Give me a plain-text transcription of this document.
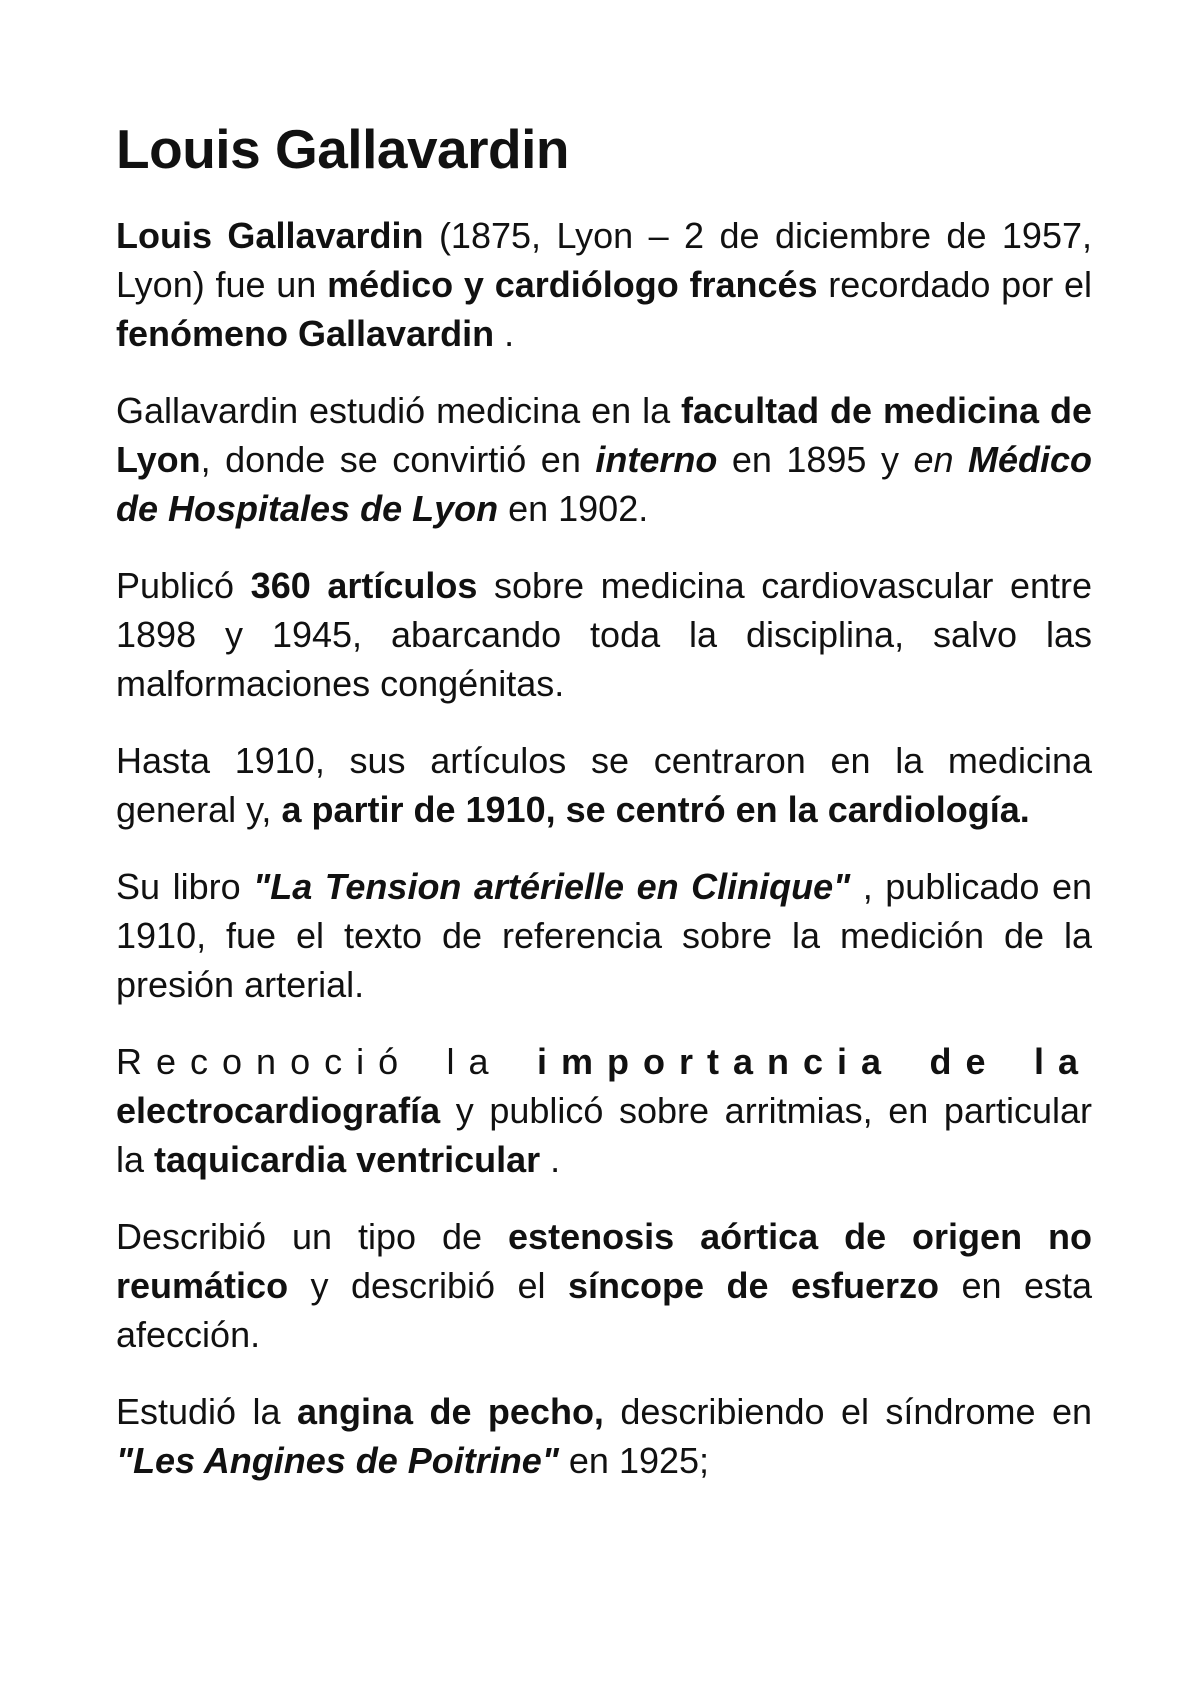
Louis Gallavardin

Louis Gallavardin (1875, Lyon – 2 de diciembre de 1957, Lyon) fue un médico y cardiólogo francés recordado por el fenómeno Gallavardin .

Gallavardin estudió medicina en la facultad de medicina de Lyon, donde se convirtió en interno en 1895 y en Médico de Hospitales de Lyon en 1902.

Publicó 360 artículos sobre medicina cardiovascular entre 1898 y 1945, abarcando toda la disciplina, salvo las malformaciones congénitas.

Hasta 1910, sus artículos se centraron en la medicina general y, a partir de 1910, se centró en la cardiología.

Su libro "La Tension artérielle en Clinique" , publicado en 1910, fue el texto de referencia sobre la medición de la presión arterial.

Reconoció la importancia de la electrocardiografía y publicó sobre arritmias, en particular la taquicardia ventricular .

Describió un tipo de estenosis aórtica de origen no reumático y describió el síncope de esfuerzo en esta afección.

Estudió la angina de pecho, describiendo el síndrome en "Les Angines de Poitrine" en 1925;
